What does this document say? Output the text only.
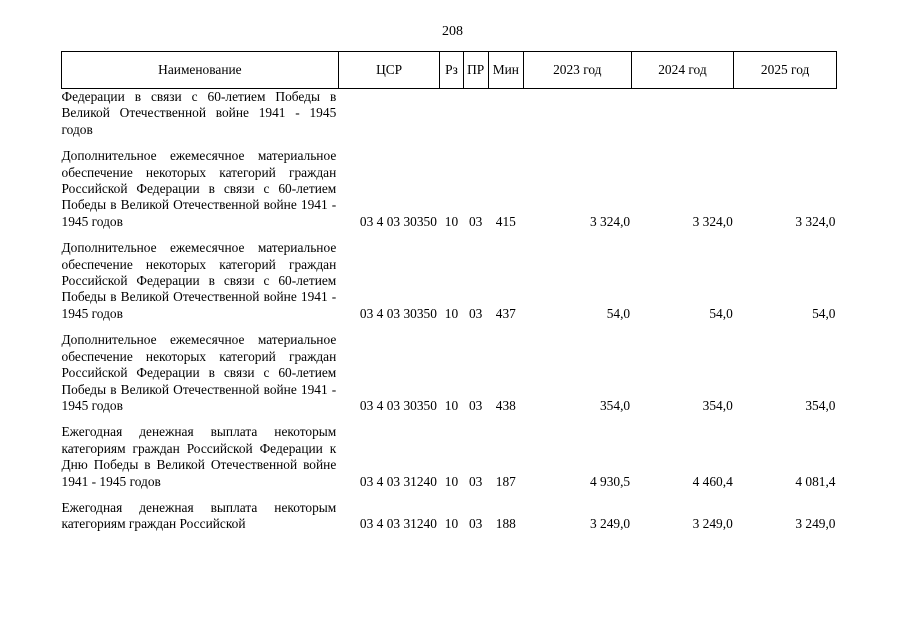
208
Наименование	ЦСР	Рз	ПР	Мин	2023 год	2024 год	2025 год
Федерации в связи с 60-летием Победы в Великой Отечественной войне 1941 - 1945 годов							
Дополнительное ежемесячное материальное обеспечение некоторых категорий граждан Российской Федерации в связи с 60-летием Победы в Великой Отечественной войне 1941 - 1945 годов	03 4 03 30350	10	03	415	3 324,0	3 324,0	3 324,0
Дополнительное ежемесячное материальное обеспечение некоторых категорий граждан Российской Федерации в связи с 60-летием Победы в Великой Отечественной войне 1941 - 1945 годов	03 4 03 30350	10	03	437	54,0	54,0	54,0
Дополнительное ежемесячное материальное обеспечение некоторых категорий граждан Российской Федерации в связи с 60-летием Победы в Великой Отечественной войне 1941 - 1945 годов	03 4 03 30350	10	03	438	354,0	354,0	354,0
Ежегодная денежная выплата некоторым категориям граждан Российской Федерации к Дню Победы в Великой Отечественной войне 1941 - 1945 годов	03 4 03 31240	10	03	187	4 930,5	4 460,4	4 081,4
Ежегодная денежная выплата некоторым категориям граждан Российской	03 4 03 31240	10	03	188	3 249,0	3 249,0	3 249,0
